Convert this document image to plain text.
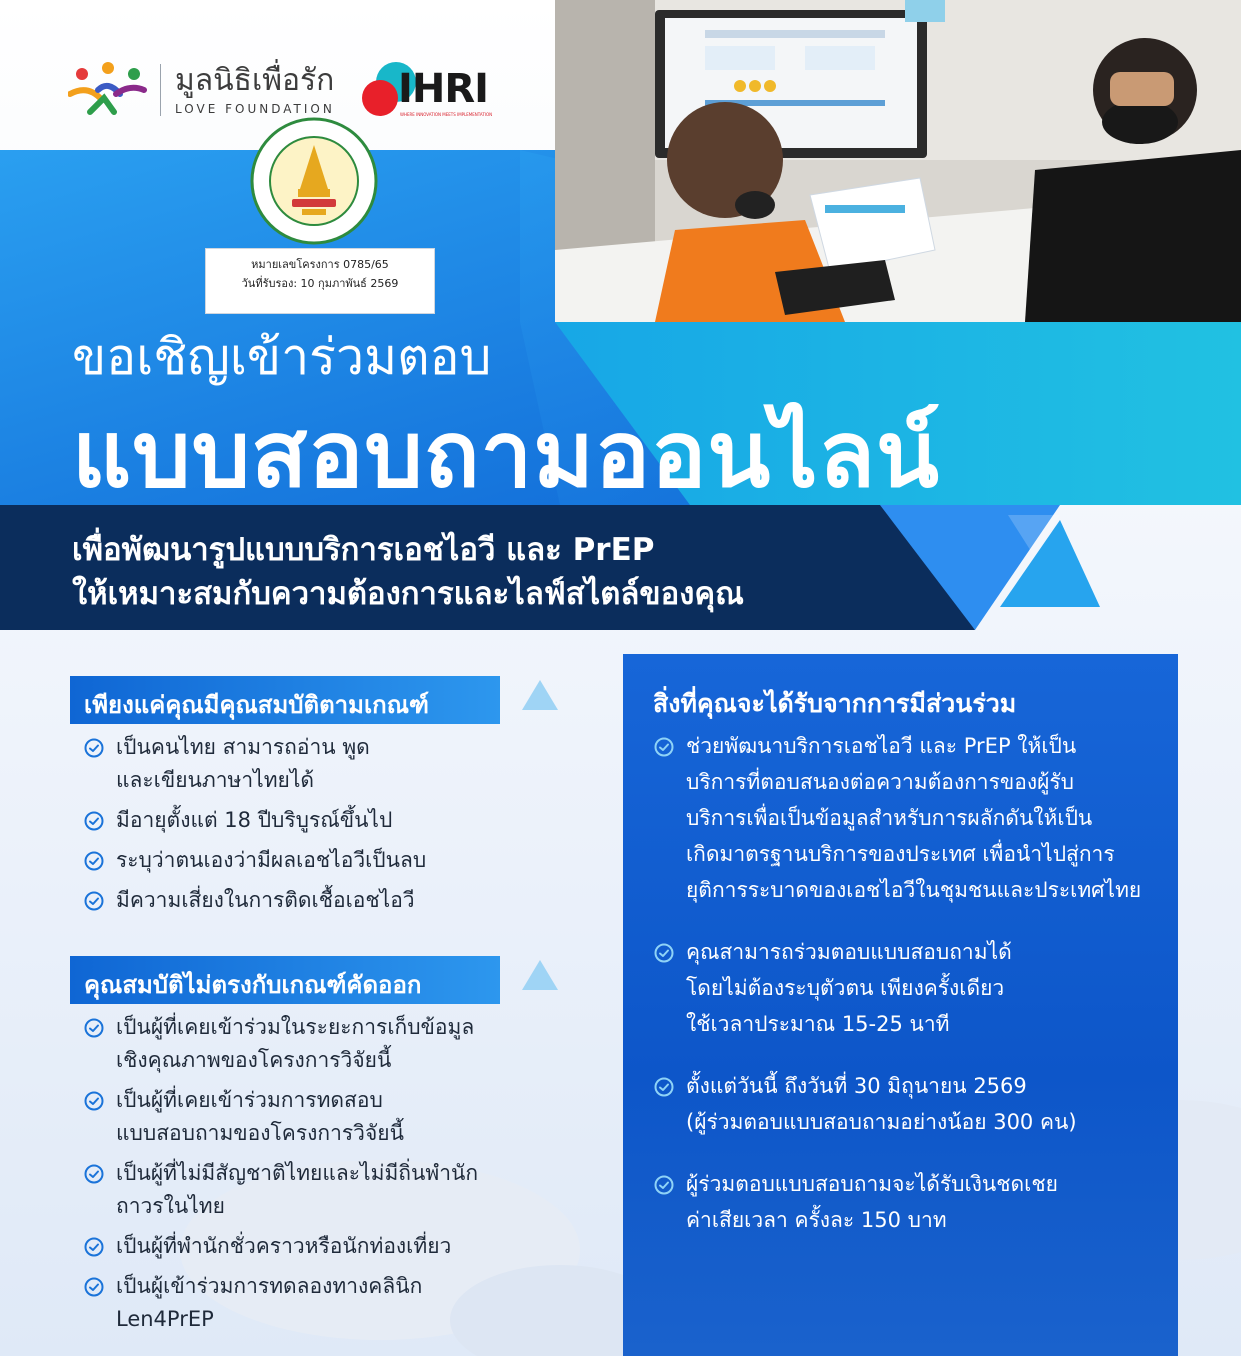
มูลนิธิเพื่อรัก
LOVE FOUNDATION IHRI
WHERE INNOVATION MEETS IMPLEMENTATION
หมายเลขโครงการ 0785/65
วันที่รับรอง: 10 กุมภาพันธ์ 2569
ขอเชิญเข้าร่วมตอบ
แบบสอบถามออนไลน์
เพื่อพัฒนารูปแบบบริการเอชไอวี และ PrEP
ให้เหมาะสมกับความต้องการและไลฟ์สไตล์ของคุณ
เพียงแค่คุณมีคุณสมบัติตามเกณฑ์
เป็นคนไทย สามารถอ่าน พูด
และเขียนภาษาไทยได้
มีอายุตั้งแต่ 18 ปีบริบูรณ์ขึ้นไป
ระบุว่าตนเองว่ามีผลเอชไอวีเป็นลบ
มีความเสี่ยงในการติดเชื้อเอชไอวี
คุณสมบัติไม่ตรงกับเกณฑ์คัดออก
เป็นผู้ที่เคยเข้าร่วมในระยะการเก็บข้อมูล
เชิงคุณภาพของโครงการวิจัยนี้
เป็นผู้ที่เคยเข้าร่วมการทดสอบ
แบบสอบถามของโครงการวิจัยนี้
เป็นผู้ที่ไม่มีสัญชาติไทยและไม่มีถิ่นพำนัก
ถาวรในไทย
เป็นผู้ที่พำนักชั่วคราวหรือนักท่องเที่ยว
เป็นผู้เข้าร่วมการทดลองทางคลินิก
Len4PrEP
สิ่งที่คุณจะได้รับจากการมีส่วนร่วม
ช่วยพัฒนาบริการเอชไอวี และ PrEP ให้เป็น
บริการที่ตอบสนองต่อความต้องการของผู้รับ
บริการเพื่อเป็นข้อมูลสำหรับการผลักดันให้เป็น
เกิดมาตรฐานบริการของประเทศ เพื่อนำไปสู่การ
ยุติการระบาดของเอชไอวีในชุมชนและประเทศไทย
คุณสามารถร่วมตอบแบบสอบถามได้
โดยไม่ต้องระบุตัวตน เพียงครั้งเดียว
ใช้เวลาประมาณ 15-25 นาที
ตั้งแต่วันนี้ ถึงวันที่ 30 มิถุนายน 2569
(ผู้ร่วมตอบแบบสอบถามอย่างน้อย 300 คน)
ผู้ร่วมตอบแบบสอบถามจะได้รับเงินชดเชย
ค่าเสียเวลา ครั้งละ 150 บาท
